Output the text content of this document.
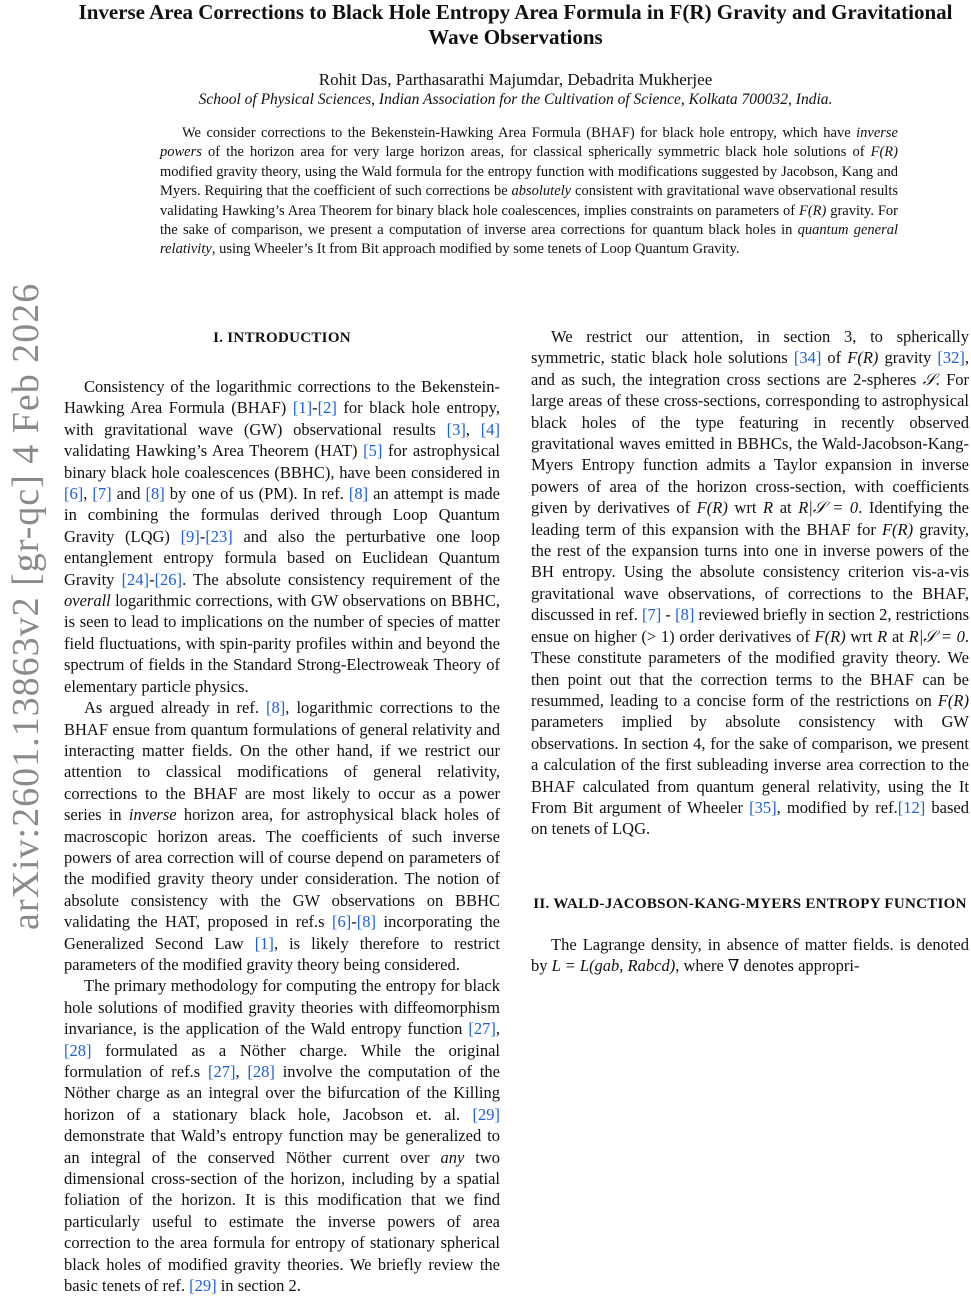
arXiv:2601.13863v2 [gr-qc] 4 Feb 2026
Inverse Area Corrections to Black Hole Entropy Area Formula in F(R) Gravity and Gravitational Wave Observations
Rohit Das, Parthasarathi Majumdar, Debadrita Mukherjee
School of Physical Sciences, Indian Association for the Cultivation of Science, Kolkata 700032, India.

We consider corrections to the Bekenstein-Hawking Area Formula (BHAF) for black hole entropy, which have inverse powers of the horizon area for very large horizon areas, for classical spherically symmetric black hole solutions of F(R) modified gravity theory, using the Wald formula for the entropy function with modifications suggested by Jacobson, Kang and Myers. Requiring that the coefficient of such corrections be absolutely consistent with gravitational wave observational results validating Hawking’s Area Theorem for binary black hole coalescences, implies constraints on parameters of F(R) gravity. For the sake of comparison, we present a computation of inverse area corrections for quantum black holes in quantum general relativity, using Wheeler’s It from Bit approach modified by some tenets of Loop Quantum Gravity.

I. INTRODUCTION

Consistency of the logarithmic corrections to the Bekenstein-Hawking Area Formula (BHAF) [1]-[2] for black hole entropy, with gravitational wave (GW) observational results [3], [4] validating Hawking’s Area Theorem (HAT) [5] for astrophysical binary black hole coalescences (BBHC), have been considered in [6], [7] and [8] by one of us (PM). In ref. [8] an attempt is made in combining the formulas derived through Loop Quantum Gravity (LQG) [9]-[23] and also the perturbative one loop entanglement entropy formula based on Euclidean Quantum Gravity [24]-[26]. The absolute consistency requirement of the overall logarithmic corrections, with GW observations on BBHC, is seen to lead to implications on the number of species of matter field fluctuations, with spin-parity profiles within and beyond the spectrum of fields in the Standard Strong-Electroweak Theory of elementary particle physics.

As argued already in ref. [8], logarithmic corrections to the BHAF ensue from quantum formulations of general relativity and interacting matter fields. On the other hand, if we restrict our attention to classical modifications of general relativity, corrections to the BHAF are most likely to occur as a power series in inverse horizon area, for astrophysical black holes of macroscopic horizon areas. The coefficients of such inverse powers of area correction will of course depend on parameters of the modified gravity theory under consideration. The notion of absolute consistency with the GW observations on BBHC validating the HAT, proposed in ref.s [6]-[8] incorporating the Generalized Second Law [1], is likely therefore to restrict parameters of the modified gravity theory being considered.

The primary methodology for computing the entropy for black hole solutions of modified gravity theories with diffeomorphism invariance, is the application of the Wald entropy function [27], [28] formulated as a Nöther charge. While the original formulation of ref.s [27], [28] involve the computation of the Nöther charge as an integral over the bifurcation of the Killing horizon of a stationary black hole, Jacobson et. al. [29] demonstrate that Wald’s entropy function may be generalized to an integral of the conserved Nöther current over any two dimensional cross-section of the horizon, including by a spatial foliation of the horizon. It is this modification that we find particularly useful to estimate the inverse powers of area correction to the area formula for entropy of stationary spherical black holes of modified gravity theories. We briefly review the basic tenets of ref. [29] in section 2.

We restrict our attention, in section 3, to spherically symmetric, static black hole solutions [34] of F(R) gravity [32], and as such, the integration cross sections are 2-spheres 𝒮. For large areas of these cross-sections, corresponding to astrophysical black holes of the type featuring in recently observed gravitational waves emitted in BBHCs, the Wald-Jacobson-Kang-Myers Entropy function admits a Taylor expansion in inverse powers of area of the horizon cross-section, with coefficients given by derivatives of F(R) wrt R at R|𝒮 = 0. Identifying the leading term of this expansion with the BHAF for F(R) gravity, the rest of the expansion turns into one in inverse powers of the BH entropy. Using the absolute consistency criterion vis-a-vis gravitational wave observations, of corrections to the BHAF, discussed in ref. [7] - [8] reviewed briefly in section 2, restrictions ensue on higher (> 1) order derivatives of F(R) wrt R at R|𝒮 = 0. These constitute parameters of the modified gravity theory. We then point out that the correction terms to the BHAF can be resummed, leading to a concise form of the restrictions on F(R) parameters implied by absolute consistency with GW observations. In section 4, for the sake of comparison, we present a calculation of the first subleading inverse area correction to the BHAF calculated from quantum general relativity, using the It From Bit argument of Wheeler [35], modified by ref.[12] based on tenets of LQG.

II. WALD-JACOBSON-KANG-MYERS ENTROPY FUNCTION

The Lagrange density, in absence of matter fields. is denoted by L = L(gab, Rabcd), where ∇ denotes appropri-
